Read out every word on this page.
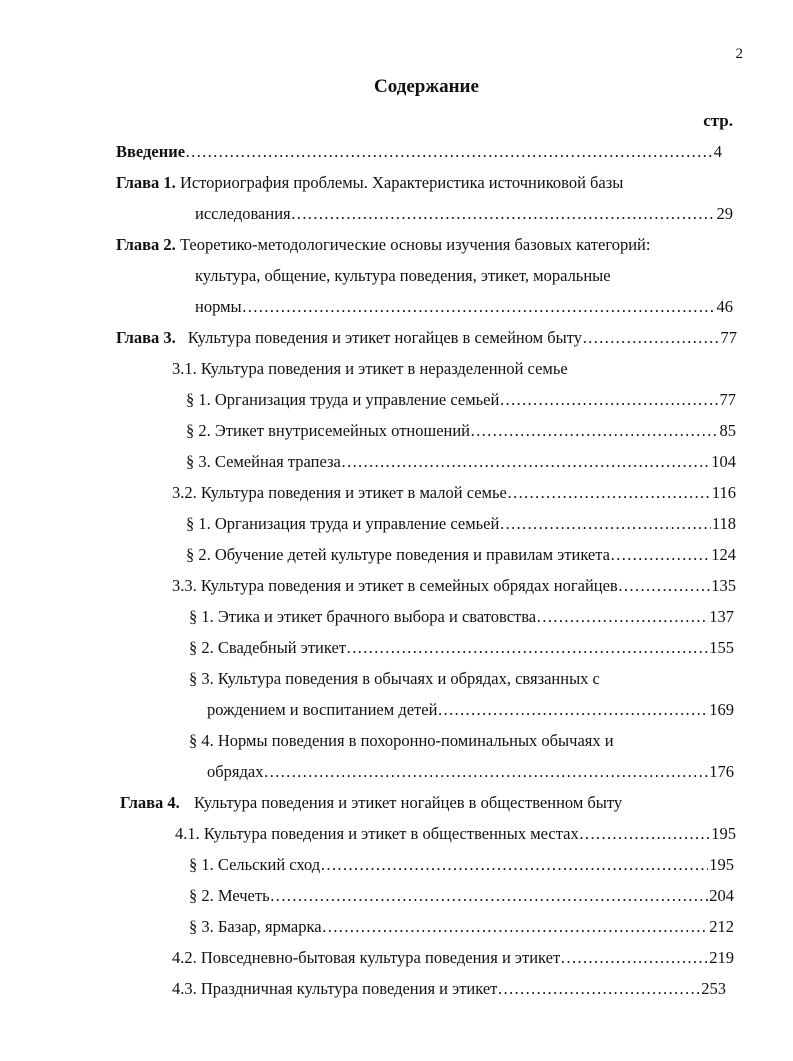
2
Содержание
стр.
Введение …………………………………………………………………………………………………………………………………………………………	4
Глава 1. Историография проблемы. Характеристика источниковой базы
исследования …………………………………………………………………………………………………………………………………………………………	29
Глава 2. Теоретико-методологические основы изучения базовых категорий:
культура, общение, культура поведения, этикет, моральные
нормы …………………………………………………………………………………………………………………………………………………………	46
Глава 3. Культура поведения и этикет ногайцев в семейном быту …………………………………………………………………………………………………………………………………………………………	77
3.1. Культура поведения и этикет в неразделенной семье
§ 1. Организация труда и управление семьей …………………………………………………………………………………………………………………………………………………………	77
§ 2. Этикет внутрисемейных отношений …………………………………………………………………………………………………………………………………………………………	85
§ 3. Семейная трапеза …………………………………………………………………………………………………………………………………………………………	104
3.2. Культура поведения и этикет в малой семье …………………………………………………………………………………………………………………………………………………………	116
§ 1. Организация труда и управление семьей …………………………………………………………………………………………………………………………………………………………	118
§ 2. Обучение детей культуре поведения и правилам этикета …………………………………………………………………………………………………………………………………………………………	124
3.3. Культура поведения и этикет в семейных обрядах ногайцев …………………………………………………………………………………………………………………………………………………………	135
§ 1. Этика и этикет брачного выбора и сватовства …………………………………………………………………………………………………………………………………………………………	137
§ 2. Свадебный этикет …………………………………………………………………………………………………………………………………………………………	155
§ 3. Культура поведения в обычаях и обрядах, связанных с
рождением и воспитанием детей …………………………………………………………………………………………………………………………………………………………	169
§ 4. Нормы поведения в похоронно-поминальных обычаях и
обрядах …………………………………………………………………………………………………………………………………………………………	176
Глава 4. Культура поведения и этикет ногайцев в общественном быту
4.1. Культура поведения и этикет в общественных местах …………………………………………………………………………………………………………………………………………………………	195
§ 1. Сельский сход …………………………………………………………………………………………………………………………………………………………	195
§ 2. Мечеть …………………………………………………………………………………………………………………………………………………………	204
§ 3. Базар, ярмарка …………………………………………………………………………………………………………………………………………………………	212
4.2. Повседневно-бытовая культура поведения и этикет …………………………………………………………………………………………………………………………………………………………	219
4.3. Праздничная культура поведения и этикет …………………………………………………………………………………………………………………………………………………………	253
